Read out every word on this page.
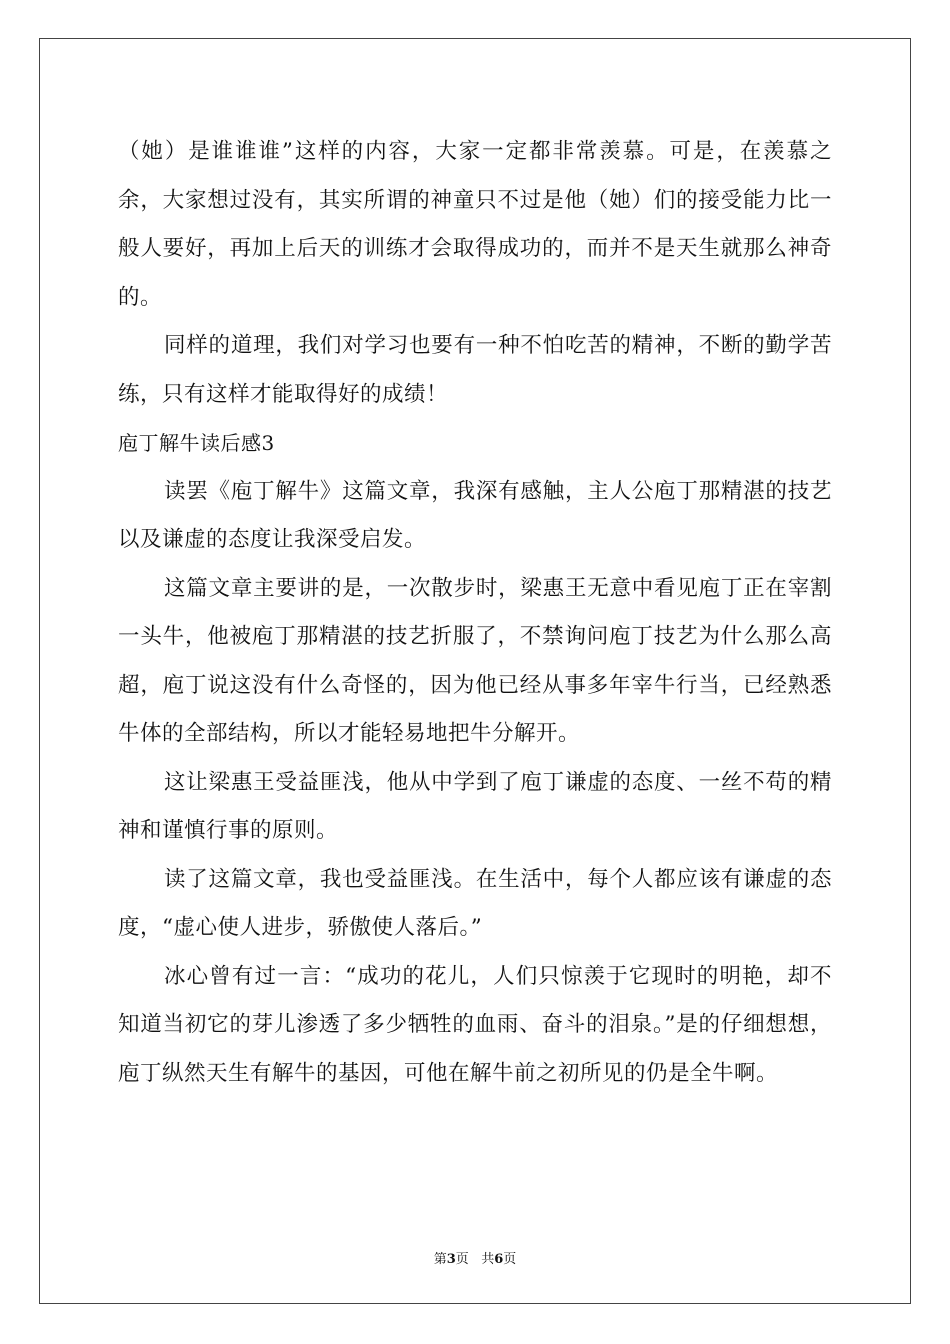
（她）是谁谁谁”这样的内容，大家一定都非常羡慕。可是，在羡慕之余，大家想过没有，其实所谓的神童只不过是他（她）们的接受能力比一般人要好，再加上后天的训练才会取得成功的，而并不是天生就那么神奇的。

同样的道理，我们对学习也要有一种不怕吃苦的精神，不断的勤学苦练，只有这样才能取得好的成绩！

庖丁解牛读后感3

读罢《庖丁解牛》这篇文章，我深有感触，主人公庖丁那精湛的技艺以及谦虚的态度让我深受启发。

这篇文章主要讲的是，一次散步时，梁惠王无意中看见庖丁正在宰割一头牛，他被庖丁那精湛的技艺折服了，不禁询问庖丁技艺为什么那么高超，庖丁说这没有什么奇怪的，因为他已经从事多年宰牛行当，已经熟悉牛体的全部结构，所以才能轻易地把牛分解开。

这让梁惠王受益匪浅，他从中学到了庖丁谦虚的态度、一丝不苟的精神和谨慎行事的原则。

读了这篇文章，我也受益匪浅。在生活中，每个人都应该有谦虚的态度，“虚心使人进步，骄傲使人落后。”

冰心曾有过一言：“成功的花儿，人们只惊羡于它现时的明艳，却不知道当初它的芽儿渗透了多少牺牲的血雨、奋斗的泪泉。”是的仔细想想，庖丁纵然天生有解牛的基因，可他在解牛前之初所见的仍是全牛啊。

第3页 共6页
